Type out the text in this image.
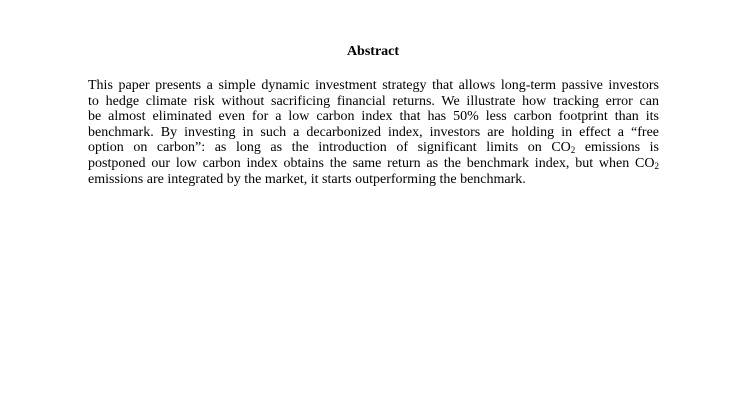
Abstract
This paper presents a simple dynamic investment strategy that allows long-term passive investors
to hedge climate risk without sacrificing financial returns. We illustrate how tracking error can
be almost eliminated even for a low carbon index that has 50% less carbon footprint than its
benchmark. By investing in such a decarbonized index, investors are holding in effect a “free
option on carbon”: as long as the introduction of significant limits on $CO_2$ emissions is
postponed our low carbon index obtains the same return as the benchmark index, but when $CO_2$
emissions are integrated by the market, it starts outperforming the benchmark.
